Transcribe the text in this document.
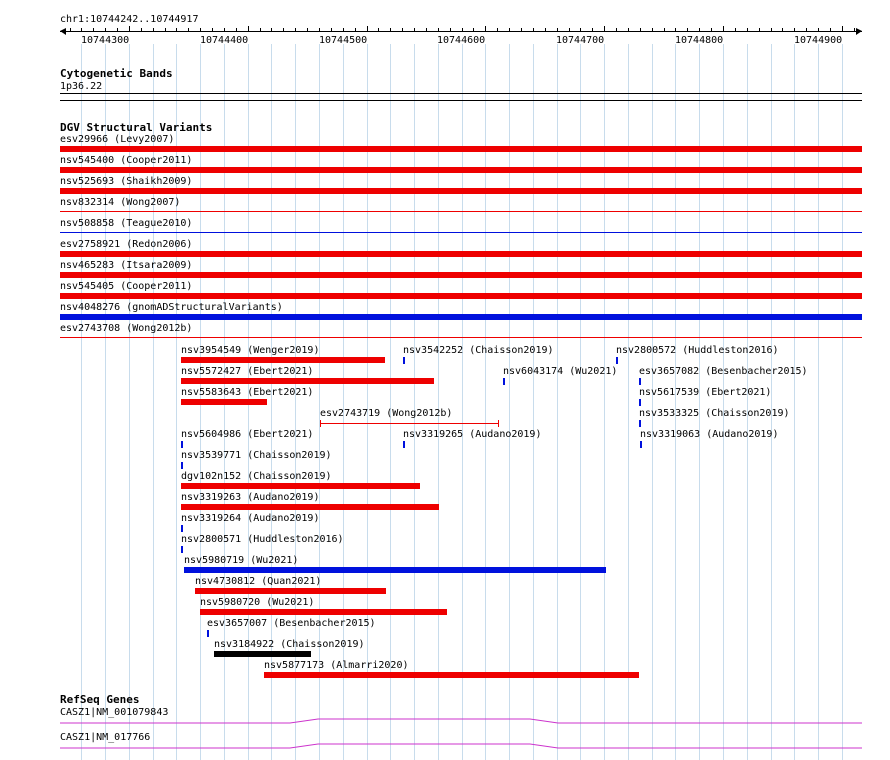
chr1:10744242..10744917
10744300	10744400	10744500	10744600	10744700	10744800	10744900
Cytogenetic Bands
1p36.22
DGV Structural Variants
esv29966 (Levy2007)
nsv545400 (Cooper2011)
nsv525693 (Shaikh2009)
nsv832314 (Wong2007)
nsv508858 (Teague2010)
esv2758921 (Redon2006)
nsv465283 (Itsara2009)
nsv545405 (Cooper2011)
nsv4048276 (gnomADStructuralVariants)
esv2743708 (Wong2012b)
nsv3954549 (Wenger2019)	nsv3542252 (Chaisson2019)	nsv2800572 (Huddleston2016)
nsv5572427 (Ebert2021)	nsv6043174 (Wu2021) esv3657082 (Besenbacher2015)
nsv5583643 (Ebert2021)
esv2743719 (Wong2012b)
nsv5617539 (Ebert2021)
nsv5604986 (Ebert2021)	nsv3319265 (Audano2019)
nsv3533325 (Chaisson2019)
nsv3539771 (Chaisson2019)
nsv3319063 (Audano2019)
dgv102n152 (Chaisson2019)
nsv3319263 (Audano2019)
nsv3319264 (Audano2019)
nsv2800571 (Huddleston2016)
nsv5980719 (Wu2021)
nsv4730812 (Quan2021)
nsv5980720 (Wu2021)
esv3657007 (Besenbacher2015)
nsv3184922 (Chaisson2019)
nsv5877173 (Almarri2020)
RefSeq Genes
CASZ1|NM_001079843
CASZ1|NM_017766
